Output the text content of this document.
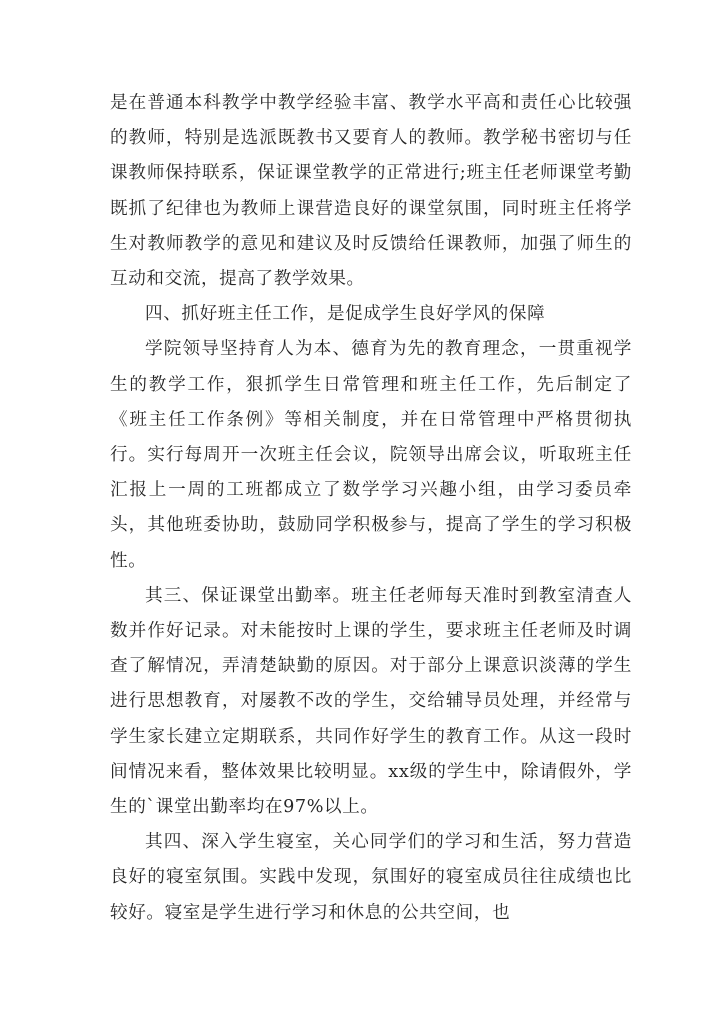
是在普通本科教学中教学经验丰富、教学水平高和责任心比较强的教师，特别是选派既教书又要育人的教师。教学秘书密切与任课教师保持联系，保证课堂教学的正常进行;班主任老师课堂考勤既抓了纪律也为教师上课营造良好的课堂氛围，同时班主任将学生对教师教学的意见和建议及时反馈给任课教师，加强了师生的互动和交流，提高了教学效果。

四、抓好班主任工作，是促成学生良好学风的保障

学院领导坚持育人为本、德育为先的教育理念，一贯重视学生的教学工作，狠抓学生日常管理和班主任工作，先后制定了《班主任工作条例》等相关制度，并在日常管理中严格贯彻执行。实行每周开一次班主任会议，院领导出席会议，听取班主任汇报上一周的工班都成立了数学学习兴趣小组，由学习委员牵头，其他班委协助，鼓励同学积极参与，提高了学生的学习积极性。

其三、保证课堂出勤率。班主任老师每天准时到教室清查人数并作好记录。对未能按时上课的学生，要求班主任老师及时调查了解情况，弄清楚缺勤的原因。对于部分上课意识淡薄的学生进行思想教育，对屡教不改的学生，交给辅导员处理，并经常与学生家长建立定期联系，共同作好学生的教育工作。从这一段时间情况来看，整体效果比较明显。xx级的学生中，除请假外，学生的`课堂出勤率均在97%以上。

其四、深入学生寝室，关心同学们的学习和生活，努力营造良好的寝室氛围。实践中发现，氛围好的寝室成员往往成绩也比较好。寝室是学生进行学习和休息的公共空间，也
